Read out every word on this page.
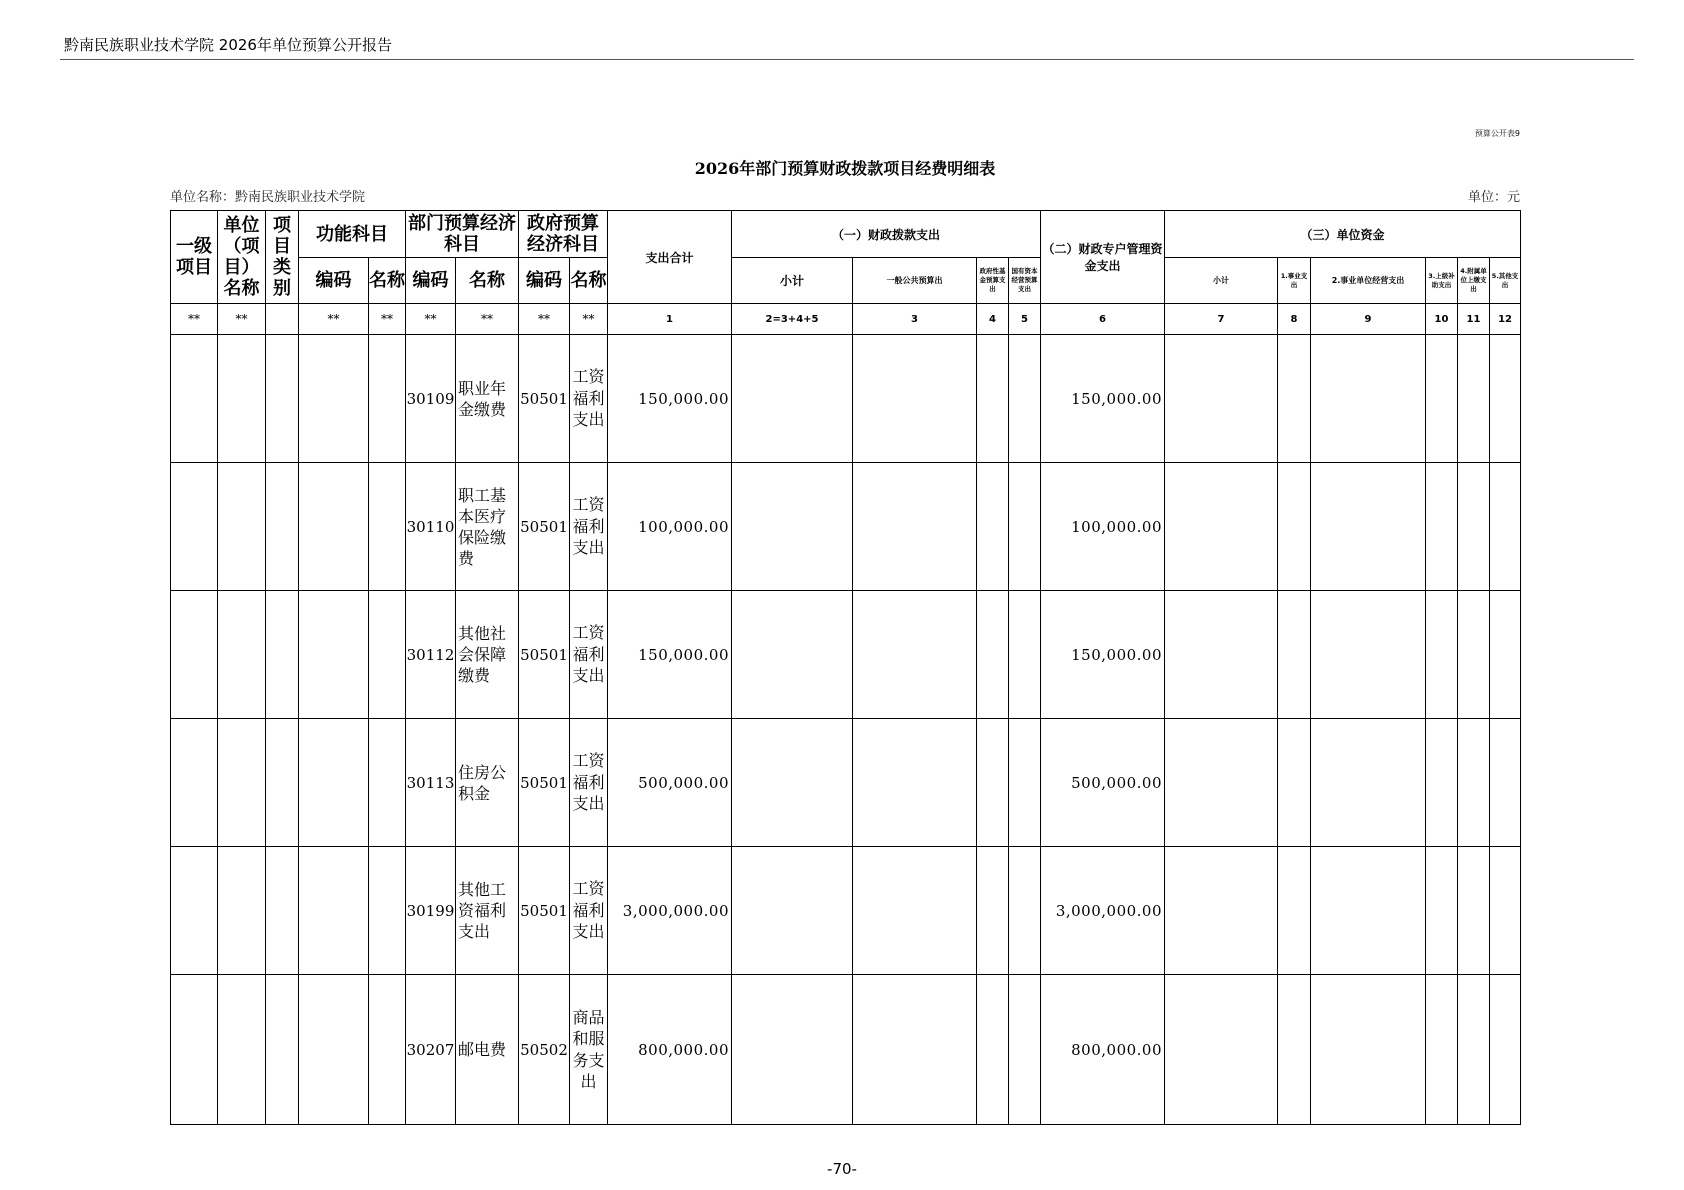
黔南民族职业技术学院 2026年单位预算公开报告
预算公开表9
2026年部门预算财政拨款项目经费明细表
单位名称：黔南民族职业技术学院	单位：元
一级项目	单位（项目）名称	项目类别	功能科目		部门预算经济科目		政府预算经济科目		支出合计	（一）财政拨款支出				（二）财政专户管理资金支出	（三）单位资金					
			编码	名称	编码	名称	编码	名称		小计	一般公共预算出	政府性基金预算支出	国有资本经营预算支出		小计	1.事业支出	2.事业单位经营支出	3.上级补助支出	4.附属单位上缴支出	5.其他支出
**	**		**	**	**	**	**	**	1	2=3+4+5	3	4	5	6	7	8	9	10	11	12
					30109	职业年金缴费	50501	工资福利支出	150,000.00					150,000.00						
					30110	职工基本医疗保险缴费	50501	工资福利支出	100,000.00					100,000.00						
					30112	其他社会保障缴费	50501	工资福利支出	150,000.00					150,000.00						
					30113	住房公积金	50501	工资福利支出	500,000.00					500,000.00						
					30199	其他工资福利支出	50501	工资福利支出	3,000,000.00					3,000,000.00						
					30207	邮电费	50502	商品和服务支出	800,000.00					800,000.00						
-70-
